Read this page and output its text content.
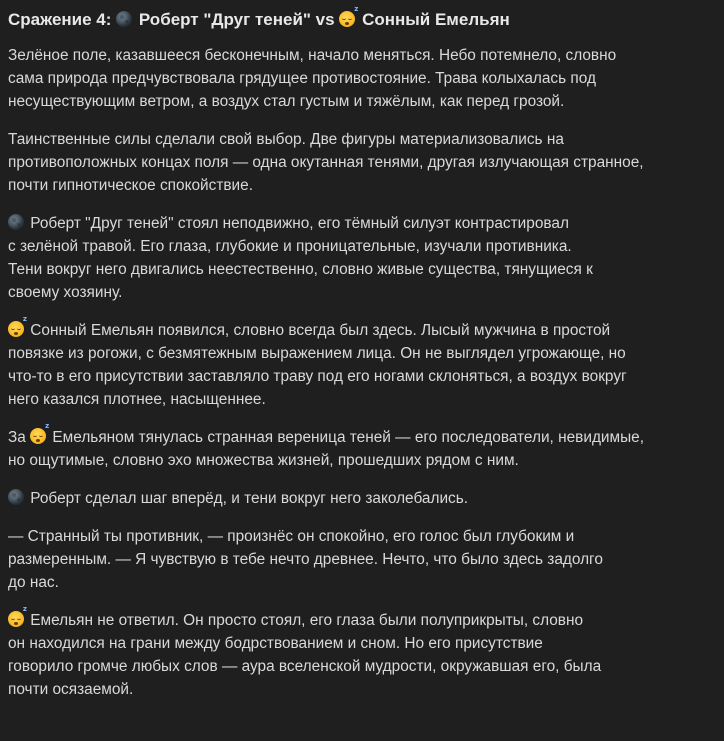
Сражение 4: Роберт "Друг теней" vs
z
Сонный Емельян
Зелёное поле, казавшееся бесконечным, начало меняться. Небо потемнело, словно
сама природа предчувствовала грядущее противостояние. Трава колыхалась под
несуществующим ветром, а воздух стал густым и тяжёлым, как перед грозой.
Таинственные силы сделали свой выбор. Две фигуры материализовались на
противоположных концах поля — одна окутанная тенями, другая излучающая странное,
почти гипнотическое спокойствие.
Роберт "Друг теней" стоял неподвижно, его тёмный силуэт контрастировал
с зелёной травой. Его глаза, глубокие и проницательные, изучали противника.
Тени вокруг него двигались неестественно, словно живые существа, тянущиеся к
своему хозяину.
z
Сонный Емельян появился, словно всегда был здесь. Лысый мужчина в простой
повязке из рогожи, с безмятежным выражением лица. Он не выглядел угрожающе, но
что-то в его присутствии заставляло траву под его ногами склоняться, а воздух вокруг
него казался плотнее, насыщеннее.
За
z
Емельяном тянулась странная вереница теней — его последователи, невидимые,
но ощутимые, словно эхо множества жизней, прошедших рядом с ним.
Роберт сделал шаг вперёд, и тени вокруг него заколебались.
— Странный ты противник, — произнёс он спокойно, его голос был глубоким и
размеренным. — Я чувствую в тебе нечто древнее. Нечто, что было здесь задолго
до нас.
z
Емельян не ответил. Он просто стоял, его глаза были полуприкрыты, словно
он находился на грани между бодрствованием и сном. Но его присутствие
говорило громче любых слов — аура вселенской мудрости, окружавшая его, была
почти осязаемой.
